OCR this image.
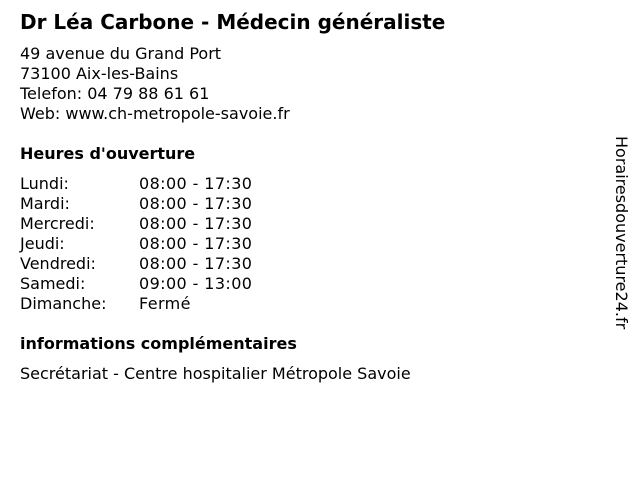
Dr Léa Carbone - Médecin généraliste
49 avenue du Grand Port
73100 Aix-les-Bains
Telefon: 04 79 88 61 61
Web: www.ch-metropole-savoie.fr
Heures d'ouverture
Lundi:	08:00 - 17:30
Mardi:	08:00 - 17:30
Mercredi:	08:00 - 17:30
Jeudi:	08:00 - 17:30
Vendredi:	08:00 - 17:30
Samedi:	09:00 - 13:00
Dimanche:	Fermé
informations complémentaires
Secrétariat - Centre hospitalier Métropole Savoie
Horairesdouverture24.fr
